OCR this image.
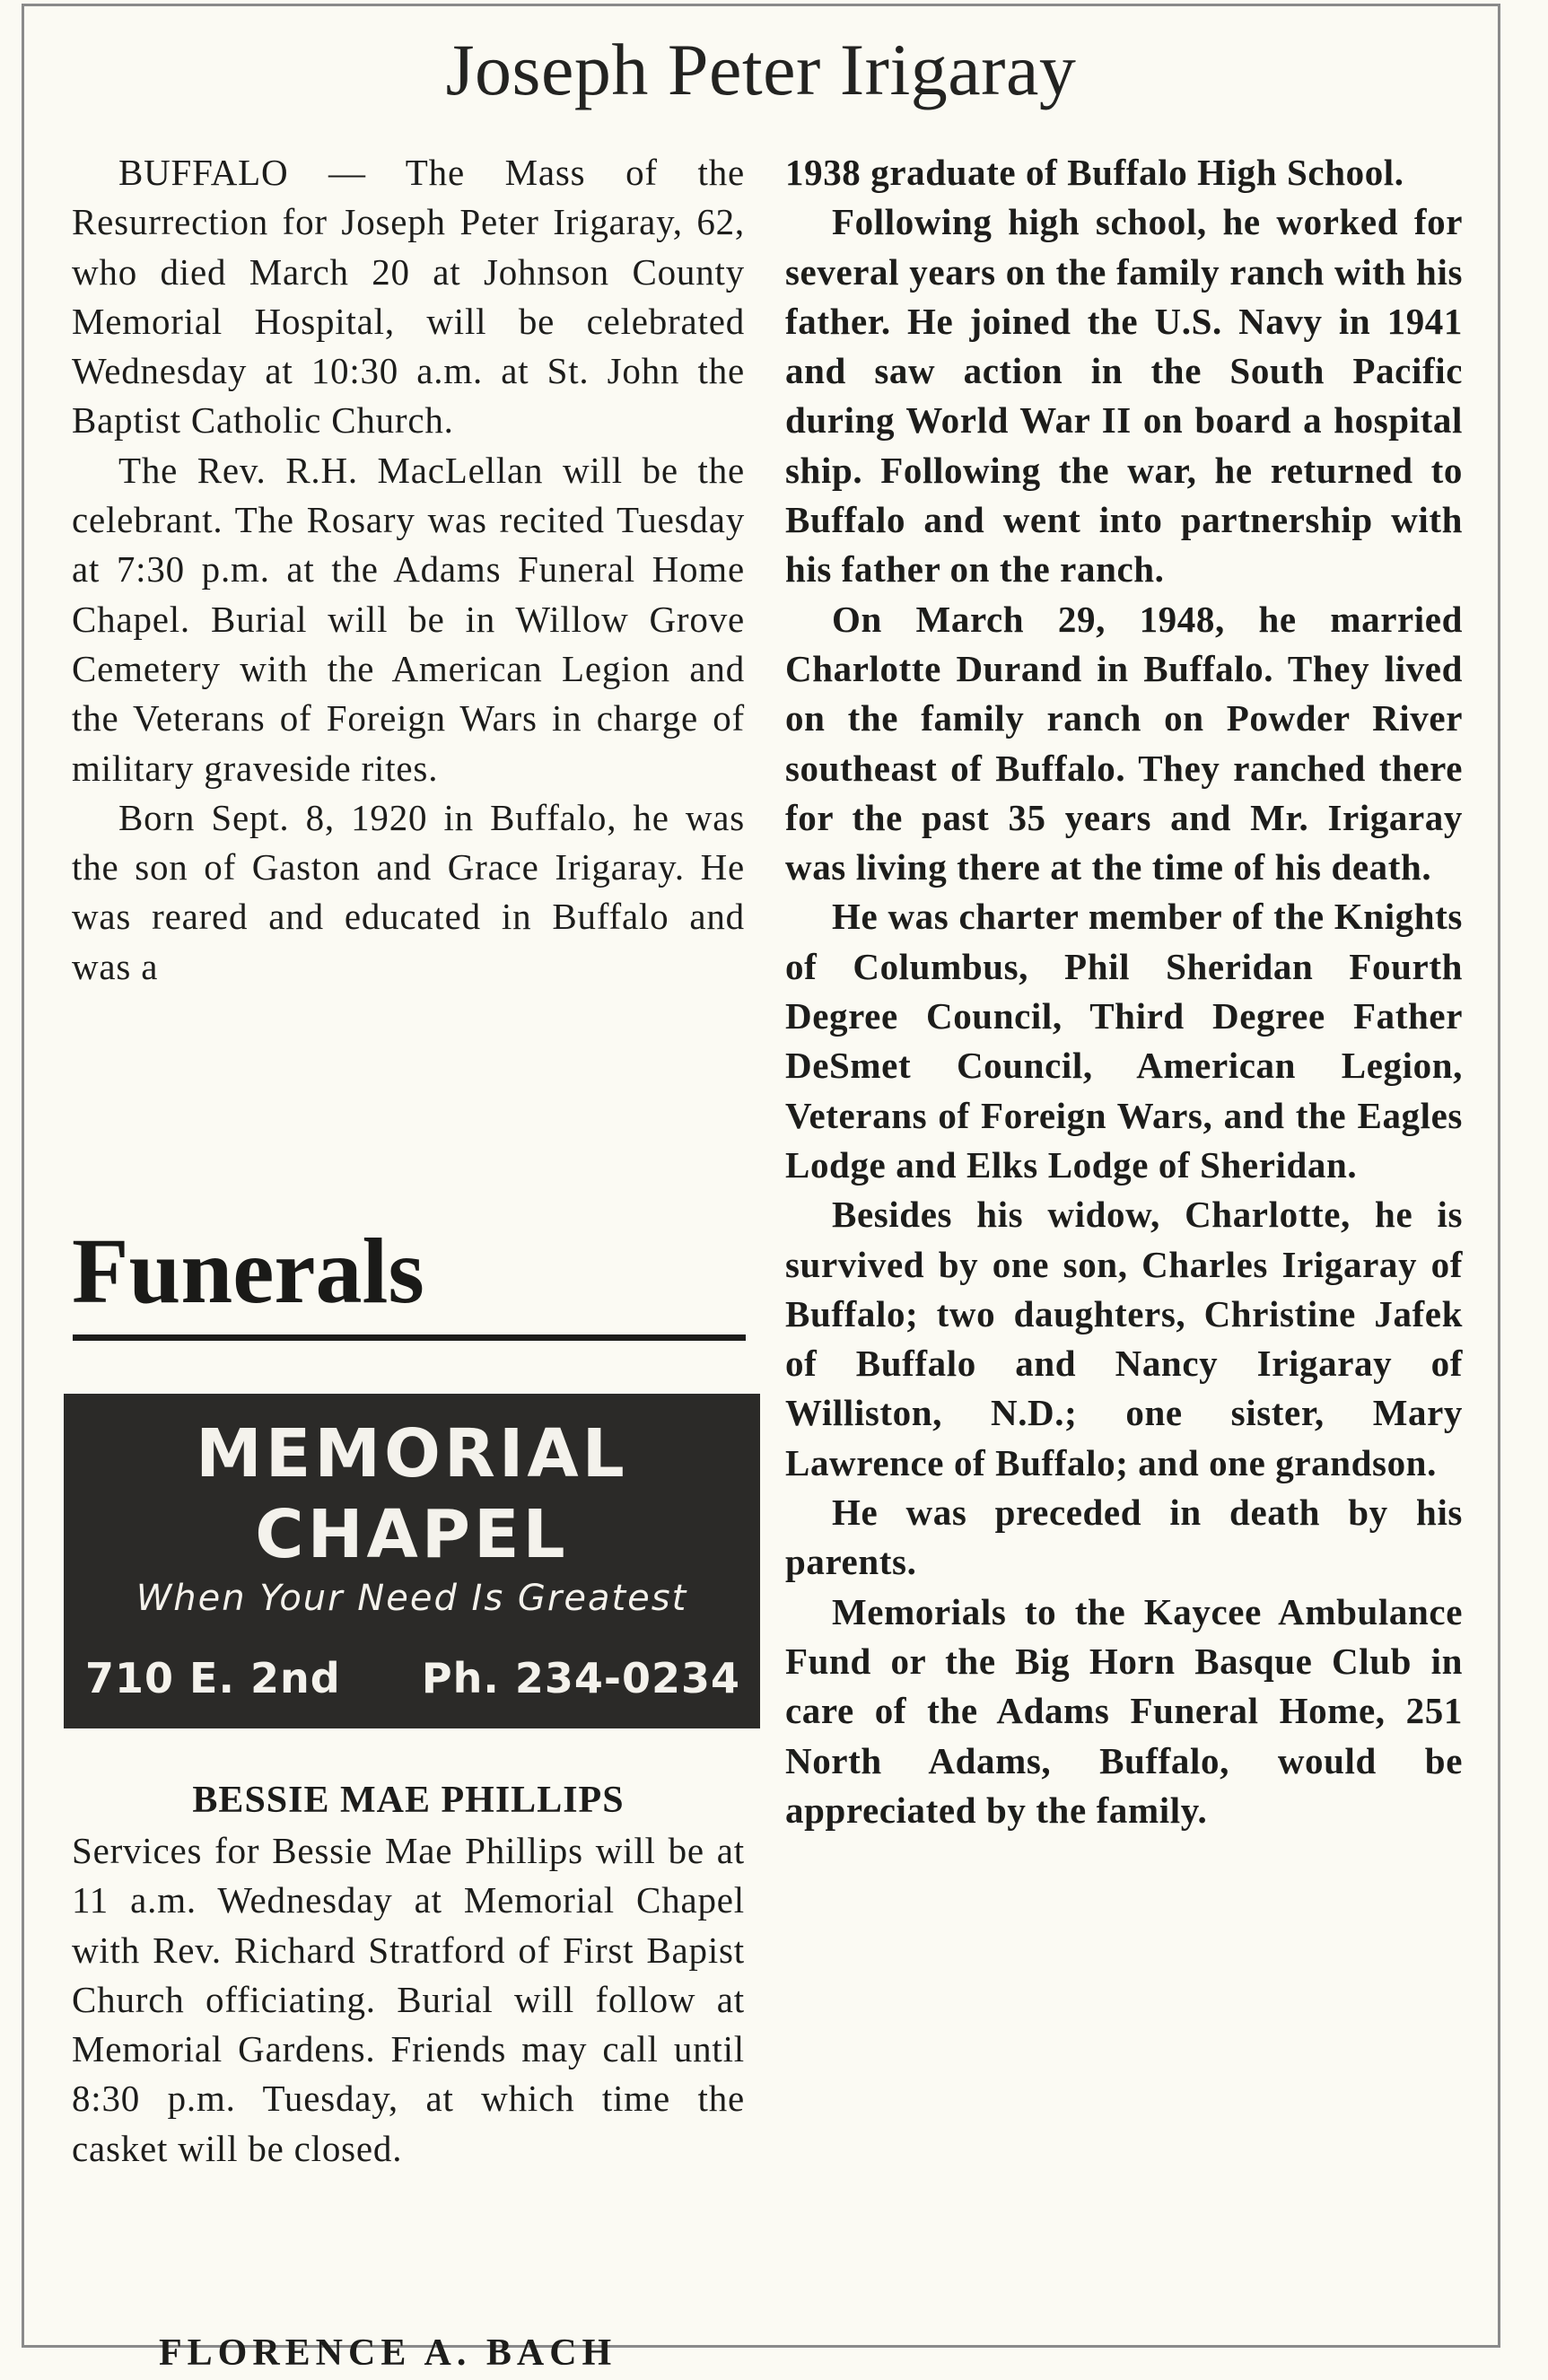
Joseph Peter Irigaray

BUFFALO — The Mass of the Resurrection for Joseph Peter Irigaray, 62, who died March 20 at Johnson County Memorial Hospital, will be celebrated Wednesday at 10:30 a.m. at St. John the Baptist Catholic Church.

The Rev. R.H. MacLellan will be the celebrant. The Rosary was recited Tuesday at 7:30 p.m. at the Adams Funeral Home Chapel. Burial will be in Willow Grove Cemetery with the American Legion and the Veterans of Foreign Wars in charge of military graveside rites.

Born Sept. 8, 1920 in Buffalo, he was the son of Gaston and Grace Irigaray. He was reared and educated in Buffalo and was a

Funerals
MEMORIAL
CHAPEL
When Your Need Is Greatest
710 E. 2nd Ph. 234-0234
BESSIE MAE PHILLIPS

Services for Bessie Mae Phillips will be at 11 a.m. Wednesday at Memorial Chapel with Rev. Richard Stratford of First Bapist Church officiating. Burial will follow at Memorial Gardens. Friends may call until 8:30 p.m. Tuesday, at which time the casket will be closed.

FLORENCE A. BACH

1938 graduate of Buffalo High School.

Following high school, he worked for several years on the family ranch with his father. He joined the U.S. Navy in 1941 and saw action in the South Pacific during World War II on board a hospital ship. Following the war, he returned to Buffalo and went into partnership with his father on the ranch.

On March 29, 1948, he married Charlotte Durand in Buffalo. They lived on the family ranch on Powder River southeast of Buffalo. They ranched there for the past 35 years and Mr. Irigaray was living there at the time of his death.

He was charter member of the Knights of Columbus, Phil Sheridan Fourth Degree Council, Third Degree Father DeSmet Council, American Legion, Veterans of Foreign Wars, and the Eagles Lodge and Elks Lodge of Sheridan.

Besides his widow, Charlotte, he is survived by one son, Charles Irigaray of Buffalo; two daughters, Christine Jafek of Buffalo and Nancy Irigaray of Williston, N.D.; one sister, Mary Lawrence of Buffalo; and one grandson.

He was preceded in death by his parents.

Memorials to the Kaycee Ambulance Fund or the Big Horn Basque Club in care of the Adams Funeral Home, 251 North Adams, Buffalo, would be appreciated by the family.
